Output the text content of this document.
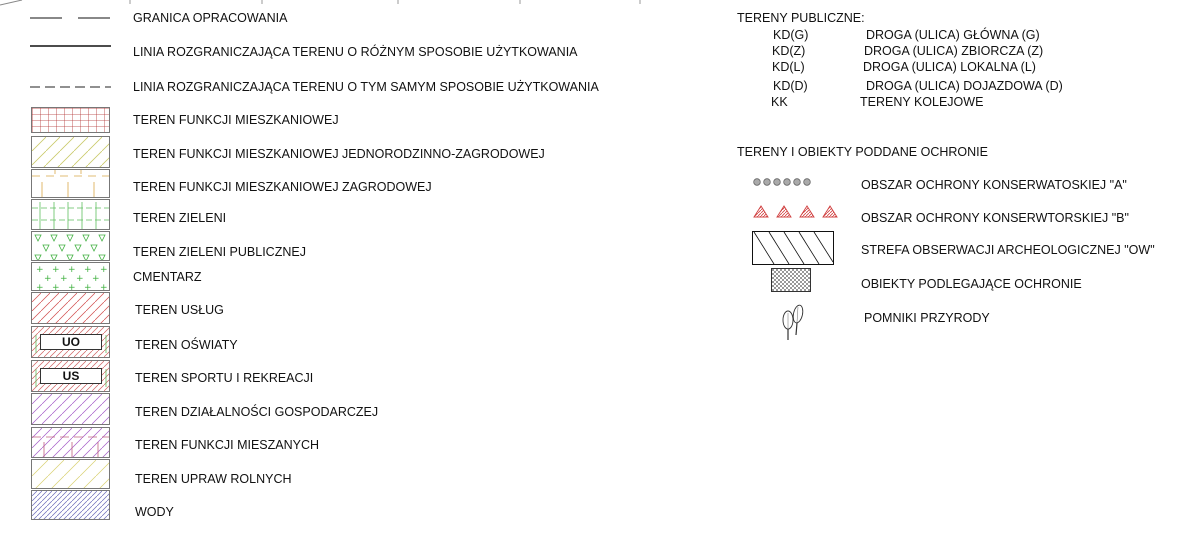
GRANICA OPRACOWANIA
LINIA ROZGRANICZAJĄCA TERENU O RÓŻNYM SPOSOBIE UŻYTKOWANIA
LINIA ROZGRANICZAJĄCA TERENU O TYM SAMYM SPOSOBIE UŻYTKOWANIA
TEREN FUNKCJI MIESZKANIOWEJ
TEREN FUNKCJI MIESZKANIOWEJ JEDNORODZINNO-ZAGRODOWEJ
TEREN FUNKCJI MIESZKANIOWEJ ZAGRODOWEJ
TEREN ZIELENI
TEREN ZIELENI PUBLICZNEJ
+ + + + +
+ + + +
+ + + + +
CMENTARZ
TEREN USŁUG
UO	TEREN OŚWIATY
US	TEREN SPORTU I REKREACJI
TEREN DZIAŁALNOŚCI GOSPODARCZEJ
TEREN FUNKCJI MIESZANYCH
TEREN UPRAW ROLNYCH
WODY
TERENY PUBLICZNE:
KD(G)	DROGA (ULICA) GŁÓWNA (G)
KD(Z)	DROGA (ULICA) ZBIORCZA (Z)
KD(L)	DROGA (ULICA) LOKALNA (L)
KD(D)	DROGA (ULICA) DOJAZDOWA (D)
KK	TERENY KOLEJOWE
TERENY I OBIEKTY PODDANE OCHRONIE
OBSZAR OCHRONY KONSERWATOSKIEJ "A"
OBSZAR OCHRONY KONSERWTORSKIEJ "B"
STREFA OBSERWACJI ARCHEOLOGICZNEJ "OW"
OBIEKTY PODLEGAJĄCE OCHRONIE
POMNIKI PRZYRODY
